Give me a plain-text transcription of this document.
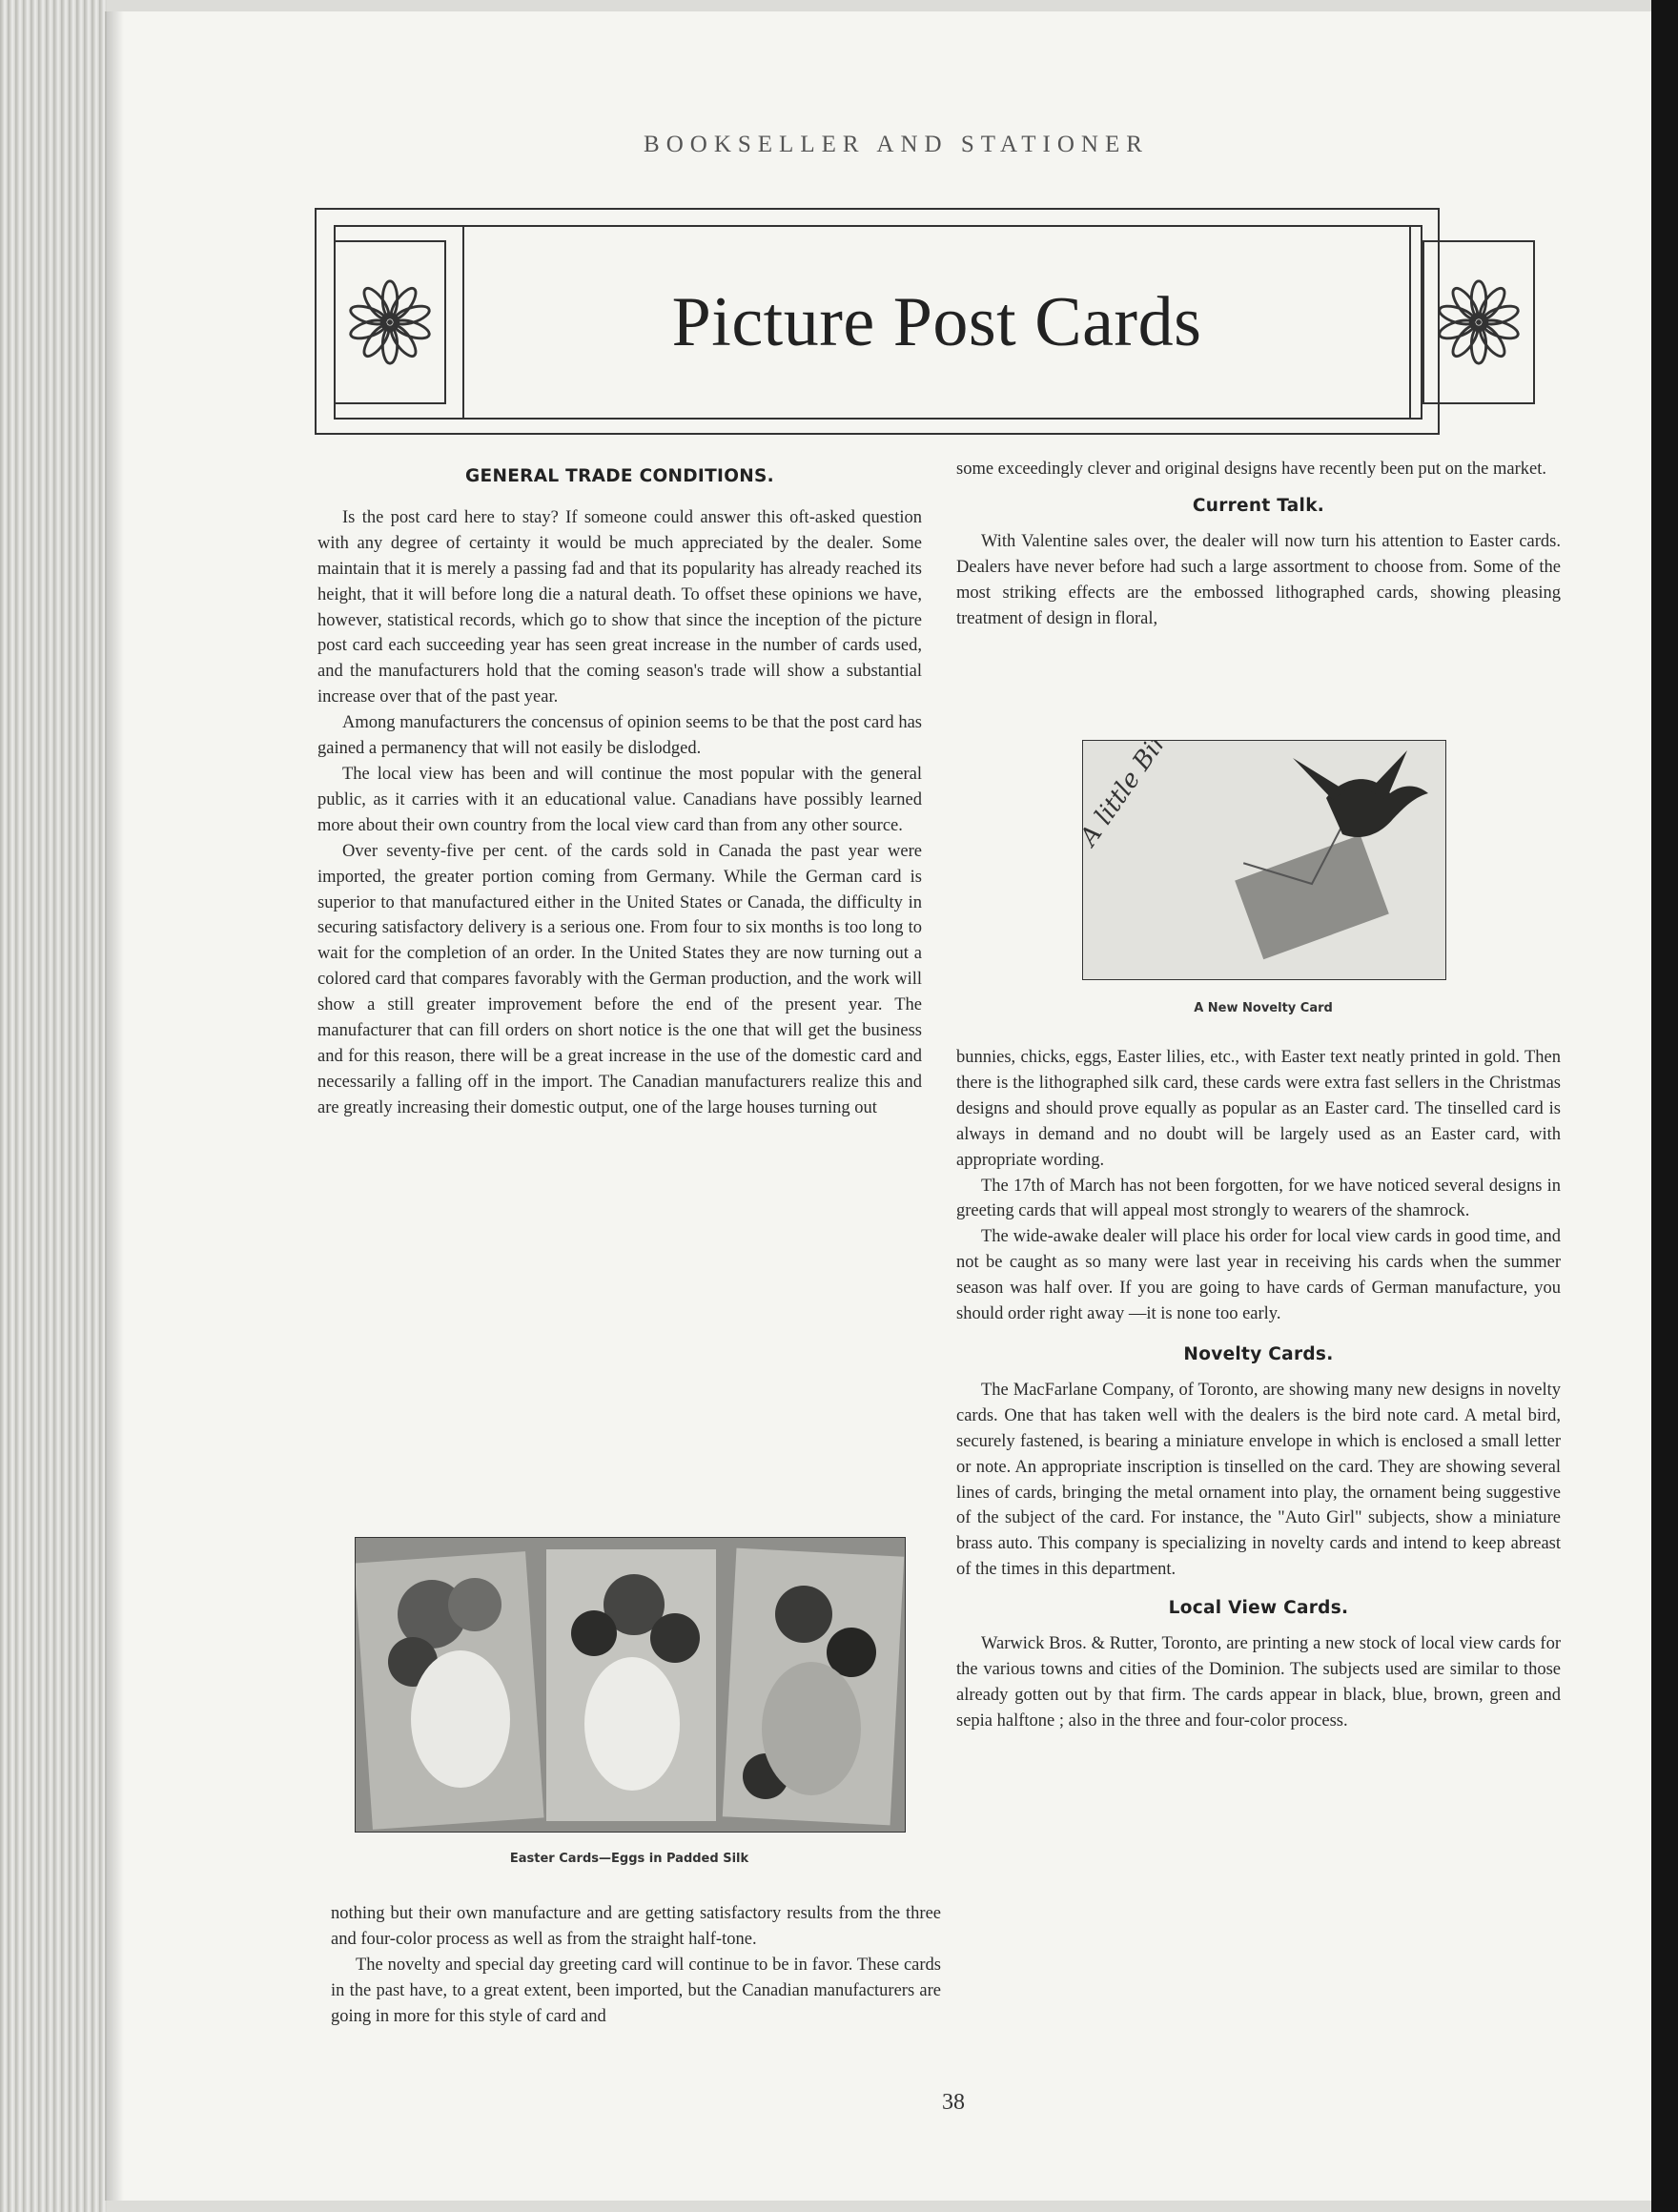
BOOKSELLER AND STATIONER
Picture Post Cards
GENERAL TRADE CONDITIONS.

Is the post card here to stay? If someone could answer this oft-asked question with any degree of certainty it would be much appreciated by the dealer. Some maintain that it is merely a passing fad and that its popularity has already reached its height, that it will before long die a natural death. To offset these opinions we have, however, statistical records, which go to show that since the inception of the picture post card each succeeding year has seen great increase in the number of cards used, and the manufacturers hold that the coming season's trade will show a substantial increase over that of the past year.

Among manufacturers the concensus of opinion seems to be that the post card has gained a permanency that will not easily be dislodged.

The local view has been and will continue the most popular with the general public, as it carries with it an educational value. Canadians have possibly learned more about their own country from the local view card than from any other source.

Over seventy-five per cent. of the cards sold in Canada the past year were imported, the greater portion coming from Germany. While the German card is superior to that manufactured either in the United States or Canada, the difficulty in securing satisfactory delivery is a serious one. From four to six months is too long to wait for the completion of an order. In the United States they are now turning out a colored card that compares favorably with the German production, and the work will show a still greater improvement before the end of the present year. The manufacturer that can fill orders on short notice is the one that will get the business and for this reason, there will be a great increase in the use of the domestic card and necessarily a falling off in the import. The Canadian manufacturers realize this and are greatly increasing their domestic output, one of the large houses turning out

Easter Cards—Eggs in Padded Silk

nothing but their own manufacture and are getting satisfactory results from the three and four-color process as well as from the straight half-tone.

The novelty and special day greeting card will continue to be in favor. These cards in the past have, to a great extent, been imported, but the Canadian manufacturers are going in more for this style of card and

some exceedingly clever and original designs have recently been put on the market.

Current Talk.

With Valentine sales over, the dealer will now turn his attention to Easter cards. Dealers have never before had such a large assortment to choose from. Some of the most striking effects are the embossed lithographed cards, showing pleasing treatment of design in floral,

A New Novelty Card

bunnies, chicks, eggs, Easter lilies, etc., with Easter text neatly printed in gold. Then there is the lithographed silk card, these cards were extra fast sellers in the Christmas designs and should prove equally as popular as an Easter card. The tinselled card is always in demand and no doubt will be largely used as an Easter card, with appropriate wording.

The 17th of March has not been forgotten, for we have noticed several designs in greeting cards that will appeal most strongly to wearers of the shamrock.

The wide-awake dealer will place his order for local view cards in good time, and not be caught as so many were last year in receiving his cards when the summer season was half over. If you are going to have cards of German manufacture, you should order right away —it is none too early.

Novelty Cards.

The MacFarlane Company, of Toronto, are showing many new designs in novelty cards. One that has taken well with the dealers is the bird note card. A metal bird, securely fastened, is bearing a miniature envelope in which is enclosed a small letter or note. An appropriate inscription is tinselled on the card. They are showing several lines of cards, bringing the metal ornament into play, the ornament being suggestive of the subject of the card. For instance, the "Auto Girl" subjects, show a miniature brass auto. This company is specializing in novelty cards and intend to keep abreast of the times in this department.

Local View Cards.

Warwick Bros. & Rutter, Toronto, are printing a new stock of local view cards for the various towns and cities of the Dominion. The subjects used are similar to those already gotten out by that firm. The cards appear in black, blue, brown, green and sepia halftone ; also in the three and four-color process.

38
